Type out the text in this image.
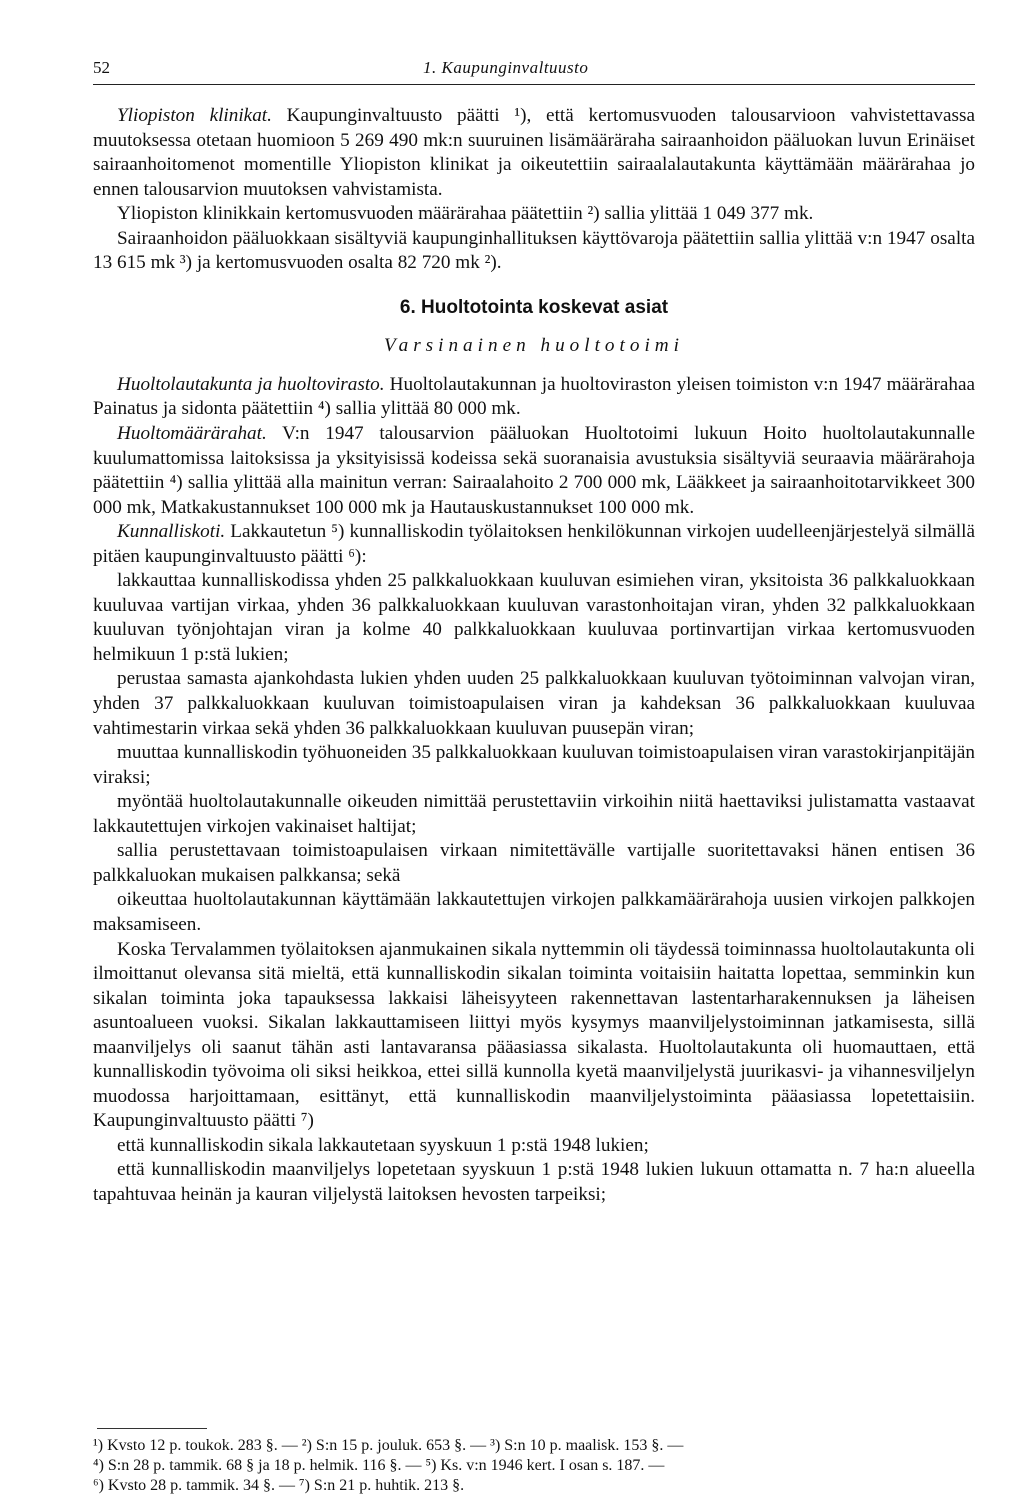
52	1. Kaupunginvaltuusto

Yliopiston klinikat. Kaupunginvaltuusto päätti ¹), että kertomusvuoden talousarvioon vahvistettavassa muutoksessa otetaan huomioon 5 269 490 mk:n suuruinen lisämääräraha sairaanhoidon pääluokan luvun Erinäiset sairaanhoitomenot momentille Yliopiston klinikat ja oikeutettiin sairaalalautakunta käyttämään määrärahaa jo ennen talousarvion muutoksen vahvistamista.

Yliopiston klinikkain kertomusvuoden määrärahaa päätettiin ²) sallia ylittää 1 049 377 mk.

Sairaanhoidon pääluokkaan sisältyviä kaupunginhallituksen käyttövaroja päätettiin sallia ylittää v:n 1947 osalta 13 615 mk ³) ja kertomusvuoden osalta 82 720 mk ²).

6. Huoltotointa koskevat asiat

Varsinainen huoltotoimi

Huoltolautakunta ja huoltovirasto. Huoltolautakunnan ja huoltoviraston yleisen toimiston v:n 1947 määrärahaa Painatus ja sidonta päätettiin ⁴) sallia ylittää 80 000 mk.

Huoltomäärärahat. V:n 1947 talousarvion pääluokan Huoltotoimi lukuun Hoito huoltolautakunnalle kuulumattomissa laitoksissa ja yksityisissä kodeissa sekä suoranaisia avustuksia sisältyviä seuraavia määrärahoja päätettiin ⁴) sallia ylittää alla mainitun verran: Sairaalahoito 2 700 000 mk, Lääkkeet ja sairaanhoitotarvikkeet 300 000 mk, Matkakustannukset 100 000 mk ja Hautauskustannukset 100 000 mk.

Kunnalliskoti. Lakkautetun ⁵) kunnalliskodin työlaitoksen henkilökunnan virkojen uudelleenjärjestelyä silmällä pitäen kaupunginvaltuusto päätti ⁶):

lakkauttaa kunnalliskodissa yhden 25 palkkaluokkaan kuuluvan esimiehen viran, yksitoista 36 palkkaluokkaan kuuluvaa vartijan virkaa, yhden 36 palkkaluokkaan kuuluvan varastonhoitajan viran, yhden 32 palkkaluokkaan kuuluvan työnjohtajan viran ja kolme 40 palkkaluokkaan kuuluvaa portinvartijan virkaa kertomusvuoden helmikuun 1 p:stä lukien;

perustaa samasta ajankohdasta lukien yhden uuden 25 palkkaluokkaan kuuluvan työtoiminnan valvojan viran, yhden 37 palkkaluokkaan kuuluvan toimistoapulaisen viran ja kahdeksan 36 palkkaluokkaan kuuluvaa vahtimestarin virkaa sekä yhden 36 palkkaluokkaan kuuluvan puusepän viran;

muuttaa kunnalliskodin työhuoneiden 35 palkkaluokkaan kuuluvan toimistoapulaisen viran varastokirjanpitäjän viraksi;

myöntää huoltolautakunnalle oikeuden nimittää perustettaviin virkoihin niitä haettaviksi julistamatta vastaavat lakkautettujen virkojen vakinaiset haltijat;

sallia perustettavaan toimistoapulaisen virkaan nimitettävälle vartijalle suoritettavaksi hänen entisen 36 palkkaluokan mukaisen palkkansa; sekä

oikeuttaa huoltolautakunnan käyttämään lakkautettujen virkojen palkkamäärärahoja uusien virkojen palkkojen maksamiseen.

Koska Tervalammen työlaitoksen ajanmukainen sikala nyttemmin oli täydessä toiminnassa huoltolautakunta oli ilmoittanut olevansa sitä mieltä, että kunnalliskodin sikalan toiminta voitaisiin haitatta lopettaa, semminkin kun sikalan toiminta joka tapauksessa lakkaisi läheisyyteen rakennettavan lastentarharakennuksen ja läheisen asuntoalueen vuoksi. Sikalan lakkauttamiseen liittyi myös kysymys maanviljelystoiminnan jatkamisesta, sillä maanviljelys oli saanut tähän asti lantavaransa pääasiassa sikalasta. Huoltolautakunta oli huomauttaen, että kunnalliskodin työvoima oli siksi heikkoa, ettei sillä kunnolla kyetä maanviljelystä juurikasvi- ja vihannesviljelyn muodossa harjoittamaan, esittänyt, että kunnalliskodin maanviljelystoiminta pääasiassa lopetettaisiin. Kaupunginvaltuusto päätti ⁷)

että kunnalliskodin sikala lakkautetaan syyskuun 1 p:stä 1948 lukien;

että kunnalliskodin maanviljelys lopetetaan syyskuun 1 p:stä 1948 lukien lukuun ottamatta n. 7 ha:n alueella tapahtuvaa heinän ja kauran viljelystä laitoksen hevosten tarpeiksi;

¹) Kvsto 12 p. toukok. 283 §. — ²) S:n 15 p. jouluk. 653 §. — ³) S:n 10 p. maalisk. 153 §. —

⁴) S:n 28 p. tammik. 68 § ja 18 p. helmik. 116 §. — ⁵) Ks. v:n 1946 kert. I osan s. 187. —

⁶) Kvsto 28 p. tammik. 34 §. — ⁷) S:n 21 p. huhtik. 213 §.
